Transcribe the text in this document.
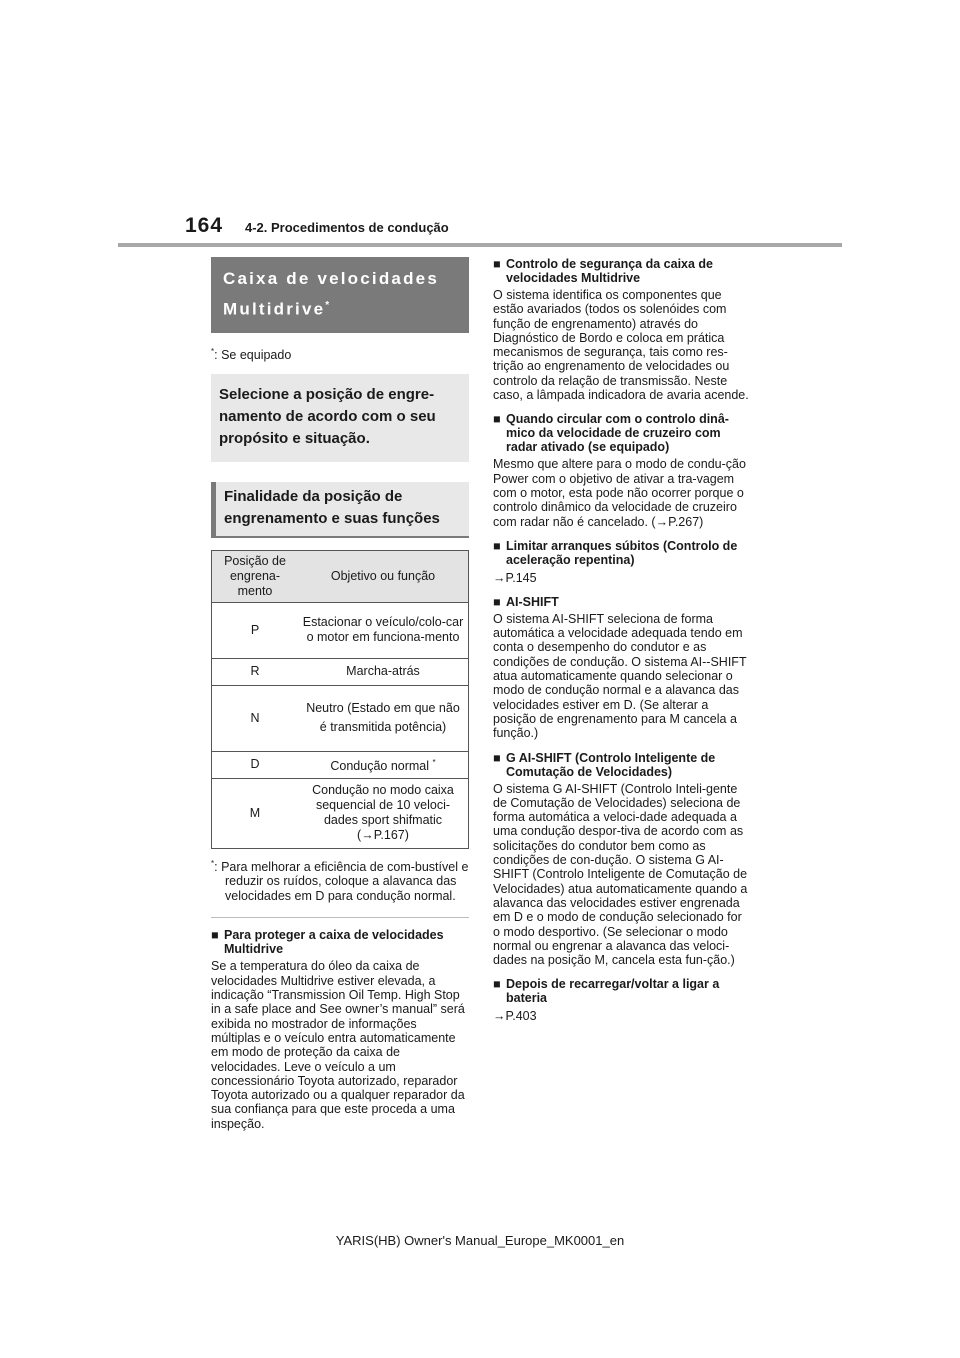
164 4-2. Procedimentos de condução
Caixa de velocidades Multidrive*
*: Se equipado
Selecione a posição de engre-namento de acordo com o seu propósito e situação.
Finalidade da posição de engrenamento e suas funções
Posição de engrena-mento	Objetivo ou função
P	Estacionar o veículo/colo-car o motor em funciona-mento
R	Marcha-atrás
N	Neutro (Estado em que não é transmitida potência)
D	Condução normal *
M	Condução no modo caixa sequencial de 10 veloci-dades sport shifmatic (→P.167)
*: Para melhorar a eficiência de com-bustível e reduzir os ruídos, coloque a alavanca das velocidades em D para condução normal.
■ Para proteger a caixa de velocidades Multidrive
Se a temperatura do óleo da caixa de velocidades Multidrive estiver elevada, a indicação “Transmission Oil Temp. High Stop in a safe place and See owner’s manual” será exibida no mostrador de informações múltiplas e o veículo entra automaticamente em modo de proteção da caixa de velocidades. Leve o veículo a um concessionário Toyota autorizado, reparador Toyota autorizado ou a qualquer reparador da sua confiança para que este proceda a uma inspeção.
■ Controlo de segurança da caixa de velocidades Multidrive
O sistema identifica os componentes que estão avariados (todos os solenóides com função de engrenamento) através do Diagnóstico de Bordo e coloca em prática mecanismos de segurança, tais como res-trição ao engrenamento de velocidades ou controlo da relação de transmissão. Neste caso, a lâmpada indicadora de avaria acende.
■ Quando circular com o controlo dinâ-mico da velocidade de cruzeiro com radar ativado (se equipado)
Mesmo que altere para o modo de condu-ção Power com o objetivo de ativar a tra-vagem com o motor, esta pode não ocorrer porque o controlo dinâmico da velocidade de cruzeiro com radar não é cancelado. (→P.267)
■ Limitar arranques súbitos (Controlo de aceleração repentina)
→P.145
■ AI-SHIFT
O sistema AI-SHIFT seleciona de forma automática a velocidade adequada tendo em conta o desempenho do condutor e as condições de condução. O sistema AI--SHIFT atua automaticamente quando selecionar o modo de condução normal e a alavanca das velocidades estiver em D. (Se alterar a posição de engrenamento para M cancela a função.)
■ G AI-SHIFT (Controlo Inteligente de Comutação de Velocidades)
O sistema G AI-SHIFT (Controlo Inteli-gente de Comutação de Velocidades) seleciona de forma automática a veloci-dade adequada a uma condução despor-tiva de acordo com as solicitações do condutor bem como as condições de con-dução. O sistema G AI-SHIFT (Controlo Inteligente de Comutação de Velocidades) atua automaticamente quando a alavanca das velocidades estiver engrenada em D e o modo de condução selecionado for o modo desportivo. (Se selecionar o modo normal ou engrenar a alavanca das veloci-dades na posição M, cancela esta fun-ção.)
■ Depois de recarregar/voltar a ligar a bateria
→P.403
YARIS(HB) Owner's Manual_Europe_MK0001_en
